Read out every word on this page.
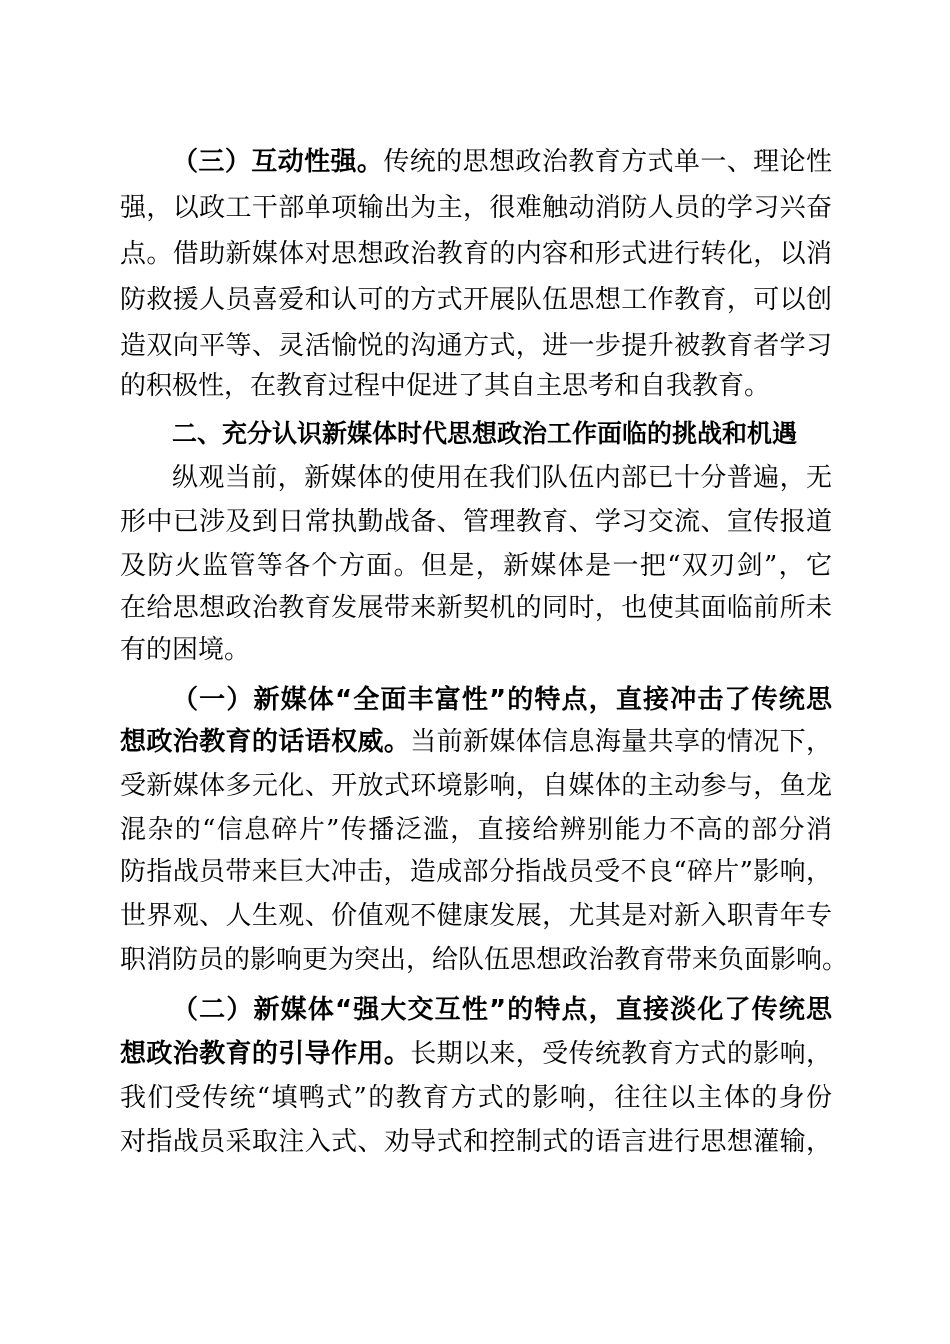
（三）互动性强。传统的思想政治教育方式单一、理论性
强，以政工干部单项输出为主，很难触动消防人员的学习兴奋
点。借助新媒体对思想政治教育的内容和形式进行转化，以消
防救援人员喜爱和认可的方式开展队伍思想工作教育，可以创
造双向平等、灵活愉悦的沟通方式，进一步提升被教育者学习
的积极性，在教育过程中促进了其自主思考和自我教育。
二、充分认识新媒体时代思想政治工作面临的挑战和机遇
纵观当前，新媒体的使用在我们队伍内部已十分普遍，无
形中已涉及到日常执勤战备、管理教育、学习交流、宣传报道
及防火监管等各个方面。但是，新媒体是一把“双刃剑”，它
在给思想政治教育发展带来新契机的同时，也使其面临前所未
有的困境。
（一）新媒体“全面丰富性”的特点，直接冲击了传统思
想政治教育的话语权威。当前新媒体信息海量共享的情况下，
受新媒体多元化、开放式环境影响，自媒体的主动参与，鱼龙
混杂的“信息碎片”传播泛滥，直接给辨别能力不高的部分消
防指战员带来巨大冲击，造成部分指战员受不良“碎片”影响，
世界观、人生观、价值观不健康发展，尤其是对新入职青年专
职消防员的影响更为突出，给队伍思想政治教育带来负面影响。
（二）新媒体“强大交互性”的特点，直接淡化了传统思
想政治教育的引导作用。长期以来，受传统教育方式的影响，
我们受传统“填鸭式”的教育方式的影响，往往以主体的身份
对指战员采取注入式、劝导式和控制式的语言进行思想灌输，
